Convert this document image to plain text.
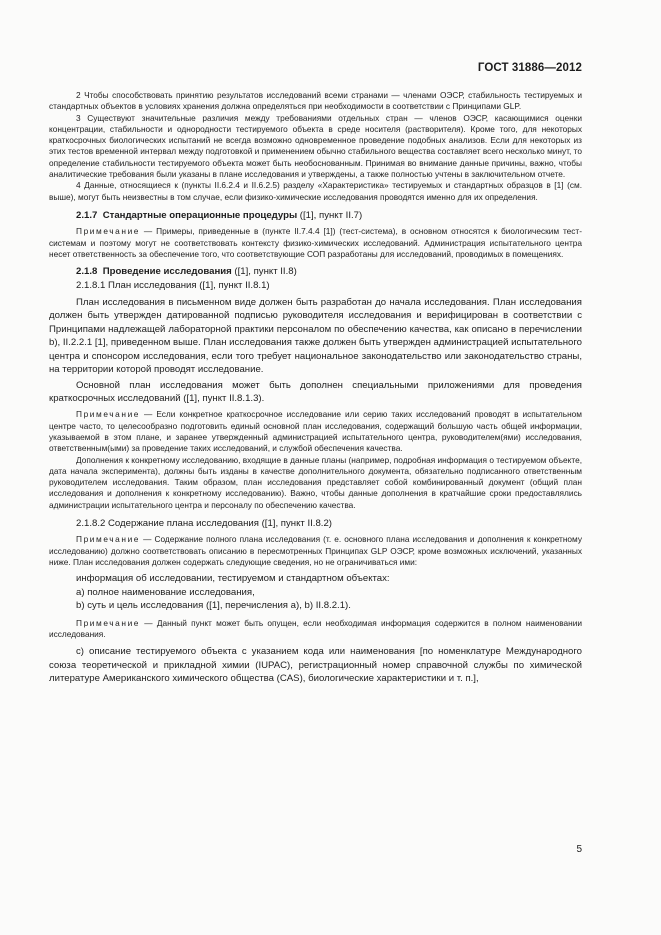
ГОСТ 31886—2012

2 Чтобы способствовать принятию результатов исследований всеми странами — членами ОЭСР, стабильность тестируемых и стандартных объектов в условиях хранения должна определяться при необходимости в соответствии с Принципами GLP.

3 Существуют значительные различия между требованиями отдельных стран — членов ОЭСР, касающимися оценки концентрации, стабильности и однородности тестируемого объекта в среде носителя (растворителя). Кроме того, для некоторых краткосрочных биологических испытаний не всегда возможно одновременное проведение подобных анализов. Если для некоторых из этих тестов временной интервал между подготовкой и применением обычно стабильного вещества составляет всего несколько минут, то определение стабильности тестируемого объекта может быть необоснованным. Принимая во внимание данные причины, важно, чтобы аналитические требования были указаны в плане исследования и утверждены, а также полностью учтены в заключительном отчете.

4 Данные, относящиеся к (пункты II.6.2.4 и II.6.2.5) разделу «Характеристика» тестируемых и стандартных образцов в [1] (см. выше), могут быть неизвестны в том случае, если физико-химические исследования проводятся именно для их определения.

2.1.7 Стандартные операционные процедуры ([1], пункт II.7)

Примечание — Примеры, приведенные в (пункте II.7.4.4 [1]) (тест-система), в основном относятся к биологическим тест-системам и поэтому могут не соответствовать контексту физико-химических исследований. Администрация испытательного центра несет ответственность за обеспечение того, что соответствующие СОП разработаны для исследований, проводимых в помещениях.

2.1.8 Проведение исследования ([1], пункт II.8)

2.1.8.1 План исследования ([1], пункт II.8.1)

План исследования в письменном виде должен быть разработан до начала исследования. План исследования должен быть утвержден датированной подписью руководителя исследования и верифицирован в соответствии с Принципами надлежащей лабораторной практики персоналом по обеспечению качества, как описано в перечислении b), II.2.2.1 [1], приведенном выше. План исследования также должен быть утвержден администрацией испытательного центра и спонсором исследования, если того требует национальное законодательство или законодательство страны, на территории которой проводят исследование.

Основной план исследования может быть дополнен специальными приложениями для проведения краткосрочных исследований ([1], пункт II.8.1.3).

Примечание — Если конкретное краткосрочное исследование или серию таких исследований проводят в испытательном центре часто, то целесообразно подготовить единый основной план исследования, содержащий большую часть общей информации, указываемой в этом плане, и заранее утвержденный администрацией испытательного центра, руководителем(ями) исследования, ответственным(ыми) за проведение таких исследований, и службой обеспечения качества.

Дополнения к конкретному исследованию, входящие в данные планы (например, подробная информация о тестируемом объекте, дата начала эксперимента), должны быть изданы в качестве дополнительного документа, обязательно подписанного ответственным руководителем исследования. Таким образом, план исследования представляет собой комбинированный документ (общий план исследования и дополнения к конкретному исследованию). Важно, чтобы данные дополнения в кратчайшие сроки предоставлялись администрации испытательного центра и персоналу по обеспечению качества.

2.1.8.2 Содержание плана исследования ([1], пункт II.8.2)

Примечание — Содержание полного плана исследования (т. е. основного плана исследования и дополнения к конкретному исследованию) должно соответствовать описанию в пересмотренных Принципах GLP ОЭСР, кроме возможных исключений, указанных ниже. План исследования должен содержать следующие сведения, но не ограничиваться ими:

информация об исследовании, тестируемом и стандартном объектах:

a) полное наименование исследования,

b) суть и цель исследования ([1], перечисления a), b) II.8.2.1).

Примечание — Данный пункт может быть опущен, если необходимая информация содержится в полном наименовании исследования.

c) описание тестируемого объекта с указанием кода или наименования [по номенклатуре Международного союза теоретической и прикладной химии (IUPAC), регистрационный номер справочной службы по химической литературе Американского химического общества (CAS), биологические характеристики и т. п.],

5
